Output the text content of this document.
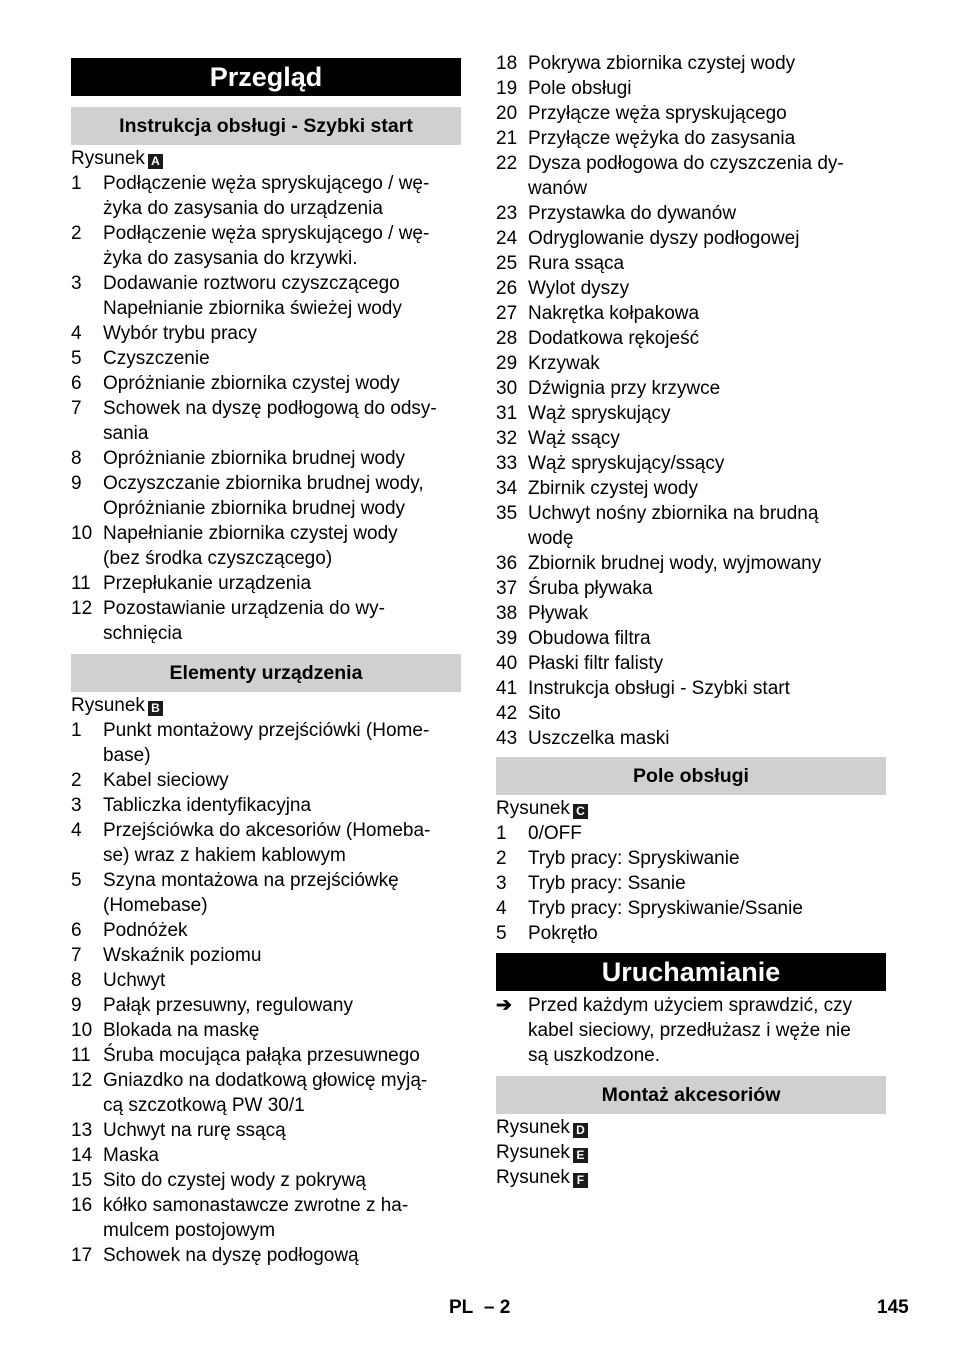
Przegląd
Instrukcja obsługi - Szybki start
Rysunek A
1	Podłączenie węża spryskującego / wę-
żyka do zasysania do urządzenia
2	Podłączenie węża spryskującego / wę-
żyka do zasysania do krzywki.
3	Dodawanie roztworu czyszczącego
Napełnianie zbiornika świeżej wody
4	Wybór trybu pracy
5	Czyszczenie
6	Opróżnianie zbiornika czystej wody
7	Schowek na dyszę podłogową do odsy-
sania
8	Opróżnianie zbiornika brudnej wody
9	Oczyszczanie zbiornika brudnej wody,
Opróżnianie zbiornika brudnej wody
10 Napełnianie zbiornika czystej wody
(bez środka czyszczącego)
11 Przepłukanie urządzenia
12 Pozostawianie urządzenia do wy-
schnięcia
Elementy urządzenia
Rysunek B
1	Punkt montażowy przejściówki (Home-
base)
2	Kabel sieciowy
3	Tabliczka identyfikacyjna
4	Przejściówka do akcesoriów (Homeba-
se) wraz z hakiem kablowym
5	Szyna montażowa na przejściówkę
(Homebase)
6	Podnóżek
7	Wskaźnik poziomu
8	Uchwyt
9	Pałąk przesuwny, regulowany
10 Blokada na maskę
11 Śruba mocująca pałąka przesuwnego
12 Gniazdko na dodatkową głowicę myją-
cą szczotkową PW 30/1
13 Uchwyt na rurę ssącą
14 Maska
15 Sito do czystej wody z pokrywą
16 kółko samonastawcze zwrotne z ha-
mulcem postojowym
17 Schowek na dyszę podłogową
18 Pokrywa zbiornika czystej wody
19 Pole obsługi
20 Przyłącze węża spryskującego
21 Przyłącze wężyka do zasysania
22 Dysza podłogowa do czyszczenia dy-
wanów
23 Przystawka do dywanów
24 Odryglowanie dyszy podłogowej
25 Rura ssąca
26 Wylot dyszy
27 Nakrętka kołpakowa
28 Dodatkowa rękojeść
29 Krzywak
30 Dźwignia przy krzywce
31 Wąż spryskujący
32 Wąż ssący
33 Wąż spryskujący/ssący
34 Zbirnik czystej wody
35 Uchwyt nośny zbiornika na brudną
wodę
36 Zbiornik brudnej wody, wyjmowany
37 Śruba pływaka
38 Pływak
39 Obudowa filtra
40 Płaski filtr falisty
41 Instrukcja obsługi - Szybki start
42 Sito
43 Uszczelka maski
Pole obsługi
Rysunek C
1	0/OFF
2	Tryb pracy: Spryskiwanie
3	Tryb pracy: Ssanie
4	Tryb pracy: Spryskiwanie/Ssanie
5	Pokrętło
Uruchamianie
➔ Przed każdym użyciem sprawdzić, czy
kabel sieciowy, przedłużasz i węże nie
są uszkodzone.
Montaż akcesoriów
Rysunek D
Rysunek E
Rysunek F
PL – 2	145
